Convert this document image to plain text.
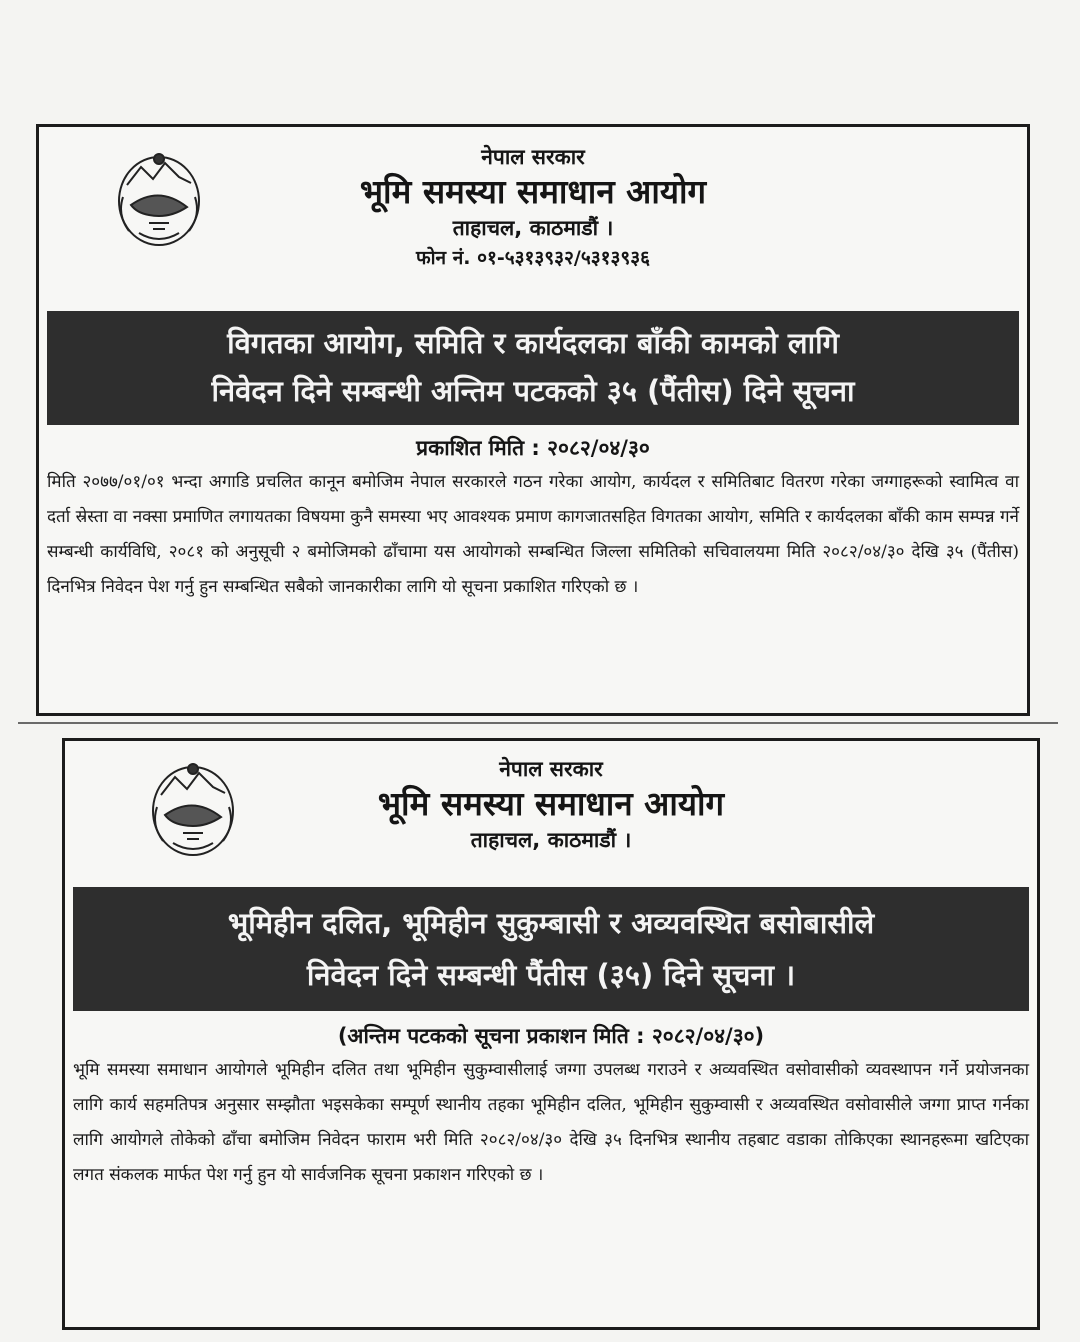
नेपाल सरकार
भूमि समस्या समाधान आयोग
ताहाचल, काठमाडौं ।
फोन नं. ०१-५३१३९३२/५३१३९३६
विगतका आयोग, समिति र कार्यदलका बाँकी कामको लागि
निवेदन दिने सम्बन्धी अन्तिम पटकको ३५ (पैंतीस) दिने सूचना
प्रकाशित मिति : २०८२/०४/३०
मिति २०७७/०१/०१ भन्दा अगाडि प्रचलित कानून बमोजिम नेपाल सरकारले गठन गरेका आयोग, कार्यदल र समितिबाट वितरण गरेका जग्गाहरूको स्वामित्व वा दर्ता स्रेस्ता वा नक्सा प्रमाणित लगायतका विषयमा कुनै समस्या भए आवश्यक प्रमाण कागजातसहित विगतका आयोग, समिति र कार्यदलका बाँकी काम सम्पन्न गर्ने सम्बन्धी कार्यविधि, २०८१ को अनुसूची २ बमोजिमको ढाँचामा यस आयोगको सम्बन्धित जिल्ला समितिको सचिवालयमा मिति २०८२/०४/३० देखि ३५ (पैंतीस) दिनभित्र निवेदन पेश गर्नु हुन सम्बन्धित सबैको जानकारीका लागि यो सूचना प्रकाशित गरिएको छ ।
नेपाल सरकार
भूमि समस्या समाधान आयोग
ताहाचल, काठमाडौं ।
भूमिहीन दलित, भूमिहीन सुकुम्बासी र अव्यवस्थित बसोबासीले
निवेदन दिने सम्बन्धी पैंतीस (३५) दिने सूचना ।
(अन्तिम पटकको सूचना प्रकाशन मिति : २०८२/०४/३०)
भूमि समस्या समाधान आयोगले भूमिहीन दलित तथा भूमिहीन सुकुम्वासीलाई जग्गा उपलब्ध गराउने र अव्यवस्थित वसोवासीको व्यवस्थापन गर्ने प्रयोजनका लागि कार्य सहमतिपत्र अनुसार सम्झौता भइसकेका सम्पूर्ण स्थानीय तहका भूमिहीन दलित, भूमिहीन सुकुम्वासी र अव्यवस्थित वसोवासीले जग्गा प्राप्त गर्नका लागि आयोगले तोकेको ढाँचा बमोजिम निवेदन फाराम भरी मिति २०८२/०४/३० देखि ३५ दिनभित्र स्थानीय तहबाट वडाका तोकिएका स्थानहरूमा खटिएका लगत संकलक मार्फत पेश गर्नु हुन यो सार्वजनिक सूचना प्रकाशन गरिएको छ ।
